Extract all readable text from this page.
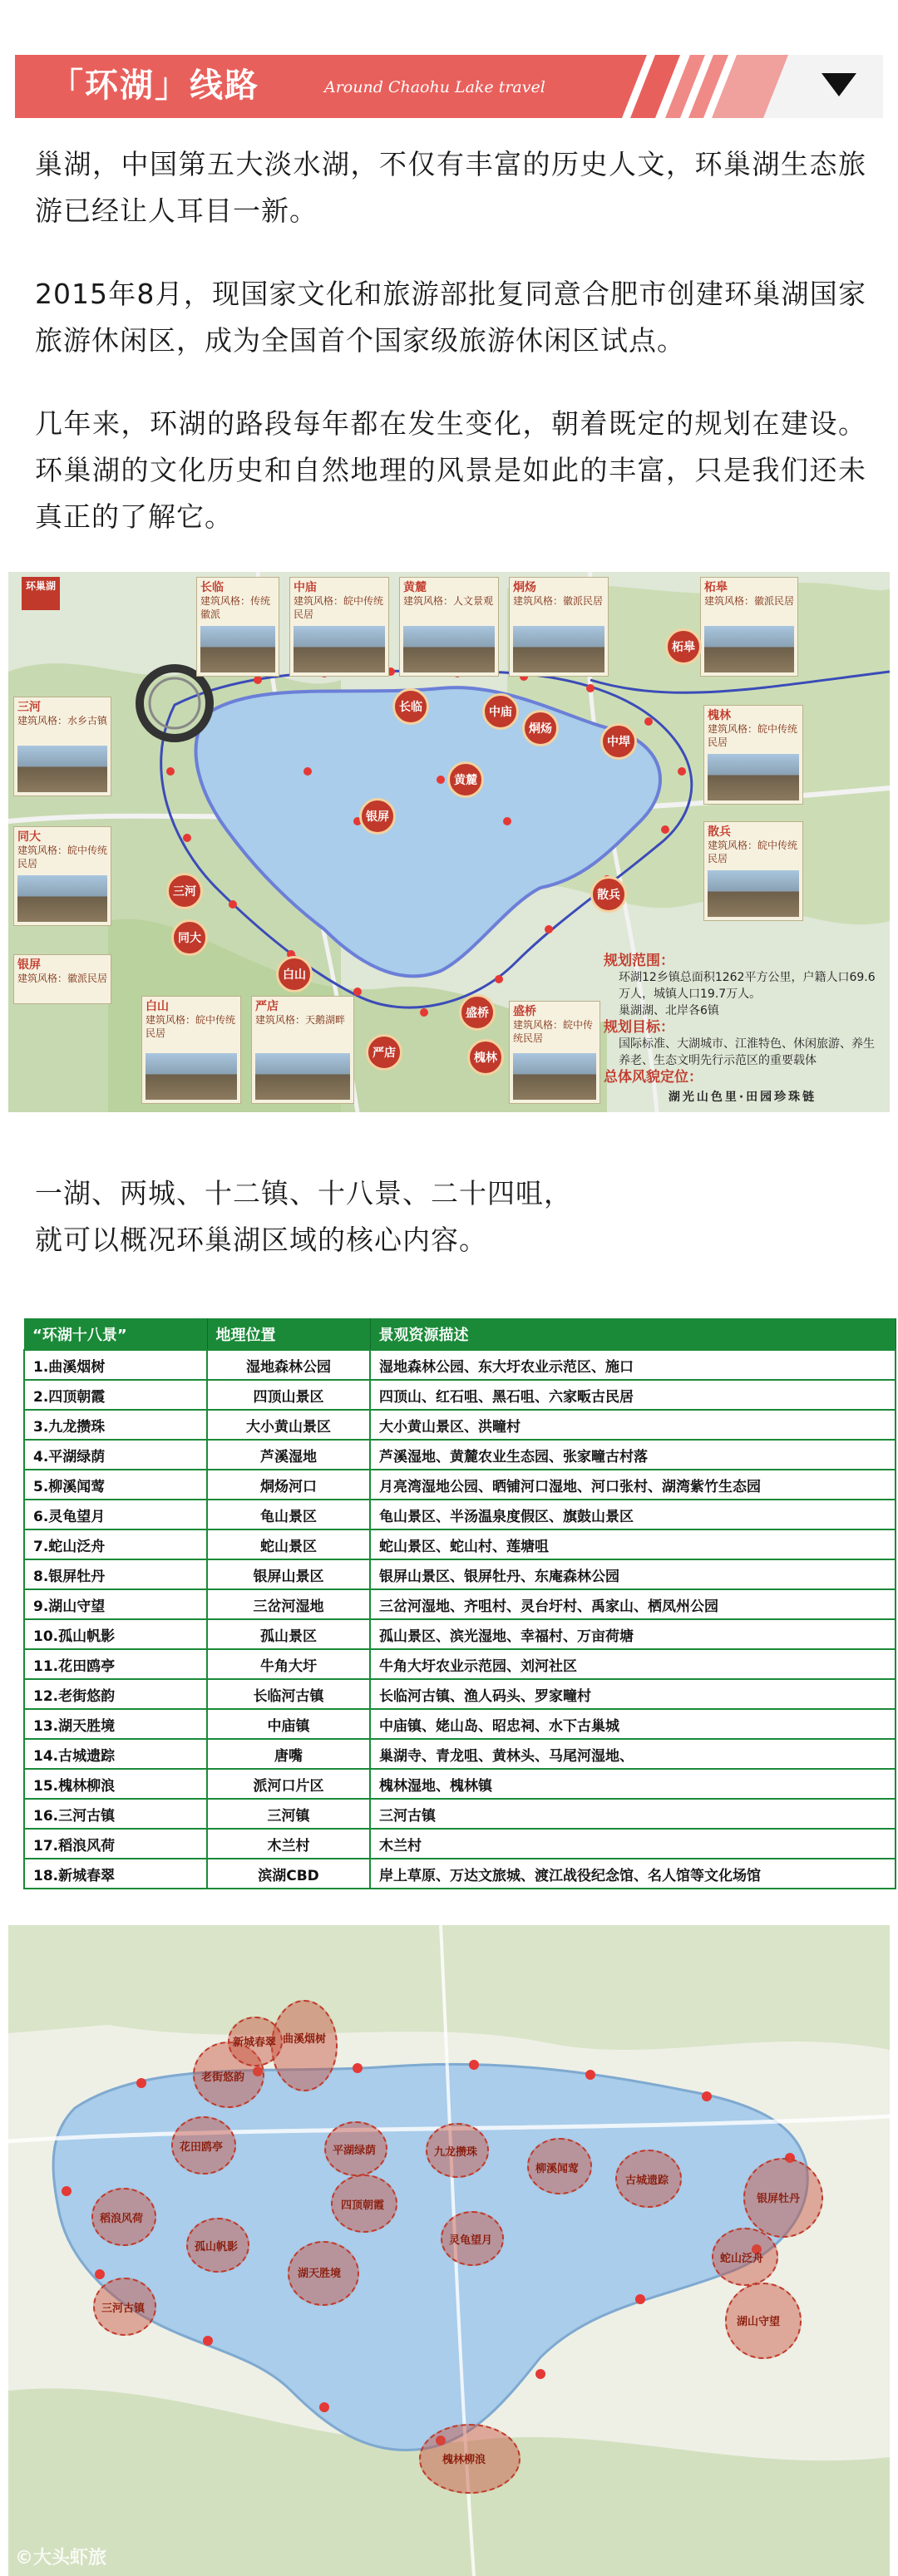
「环湖」线路	Around Chaohu Lake travel

巢湖，中国第五大淡水湖，不仅有丰富的历史人文，环巢湖生态旅游已经让人耳目一新。

2015年8月，现国家文化和旅游部批复同意合肥市创建环巢湖国家旅游休闲区，成为全国首个国家级旅游休闲区试点。

几年来，环湖的路段每年都在发生变化，朝着既定的规划在建设。环巢湖的文化历史和自然地理的风景是如此的丰富，只是我们还未真正的了解它。

环巢湖	长临
建筑风格：传统徽派
中庙
建筑风格：皖中传统民居
黄麓
建筑风格：人文景观
烔炀
建筑风格：徽派民居
柘皋
建筑风格：徽派民居
三河
建筑风格：水乡古镇	槐林
建筑风格：皖中传统民居
同大
建筑风格：皖中传统民居
散兵
建筑风格：皖中传统民居
白山
建筑风格：皖中传统民居
严店
建筑风格：天鹅湖畔
盛桥
建筑风格：皖中传统民居
银屏
建筑风格：徽派民居
长临	中庙
黄麓
烔炀
中垾
柘皋
三河
同大
白山
盛桥
槐林
散兵
严店
银屏
规划范围：
环湖12乡镇总面积1262平方公里，户籍人口69.6万人，城镇人口19.7万人。
巢湖湖、北岸各6镇
规划目标：
国际标准、大湖城市、江淮特色、休闲旅游、养生养老、生态文明先行示范区的重要载体
总体风貌定位：
湖光山色里·田园珍珠链

一湖、两城、十二镇、十八景、二十四咀，

就可以概况环巢湖区域的核心内容。

“环湖十八景”	地理位置	景观资源描述
1.曲溪烟树	湿地森林公园	湿地森林公园、东大圩农业示范区、施口
2.四顶朝霞	四顶山景区	四顶山、红石咀、黑石咀、六家畈古民居
3.九龙攒珠	大小黄山景区	大小黄山景区、洪疃村
4.平湖绿荫	芦溪湿地	芦溪湿地、黄麓农业生态园、张家疃古村落
5.柳溪闻莺	烔炀河口	月亮湾湿地公园、晒铺河口湿地、河口张村、湖湾紫竹生态园
6.灵龟望月	龟山景区	龟山景区、半汤温泉度假区、旗鼓山景区
7.蛇山泛舟	蛇山景区	蛇山景区、蛇山村、莲塘咀
8.银屏牡丹	银屏山景区	银屏山景区、银屏牡丹、东庵森林公园
9.湖山守望	三岔河湿地	三岔河湿地、齐咀村、灵台圩村、禹家山、栖凤州公园
10.孤山帆影	孤山景区	孤山景区、滨光湿地、幸福村、万亩荷塘
11.花田鸥亭	牛角大圩	牛角大圩农业示范园、刘河社区
12.老街悠韵	长临河古镇	长临河古镇、渔人码头、罗家疃村
13.湖天胜境	中庙镇	中庙镇、姥山岛、昭忠祠、水下古巢城
14.古城遗踪	唐嘴	巢湖寺、青龙咀、黄林头、马尾河湿地、
15.槐林柳浪	派河口片区	槐林湿地、槐林镇
16.三河古镇	三河镇	三河古镇
17.稻浪风荷	木兰村	木兰村
18.新城春翠	滨湖CBD	岸上草原、万达文旅城、渡江战役纪念馆、名人馆等文化场馆
曲溪烟树
花田鸥亭
稻浪风荷
孤山帆影
老街悠韵
四顶朝霞
九龙攒珠
湖天胜境
平湖绿荫
柳溪闻莺
古城遗踪
灵龟望月
蛇山泛舟
银屏牡丹
湖山守望
槐林柳浪
三河古镇
新城春翠
©大头虾旅
